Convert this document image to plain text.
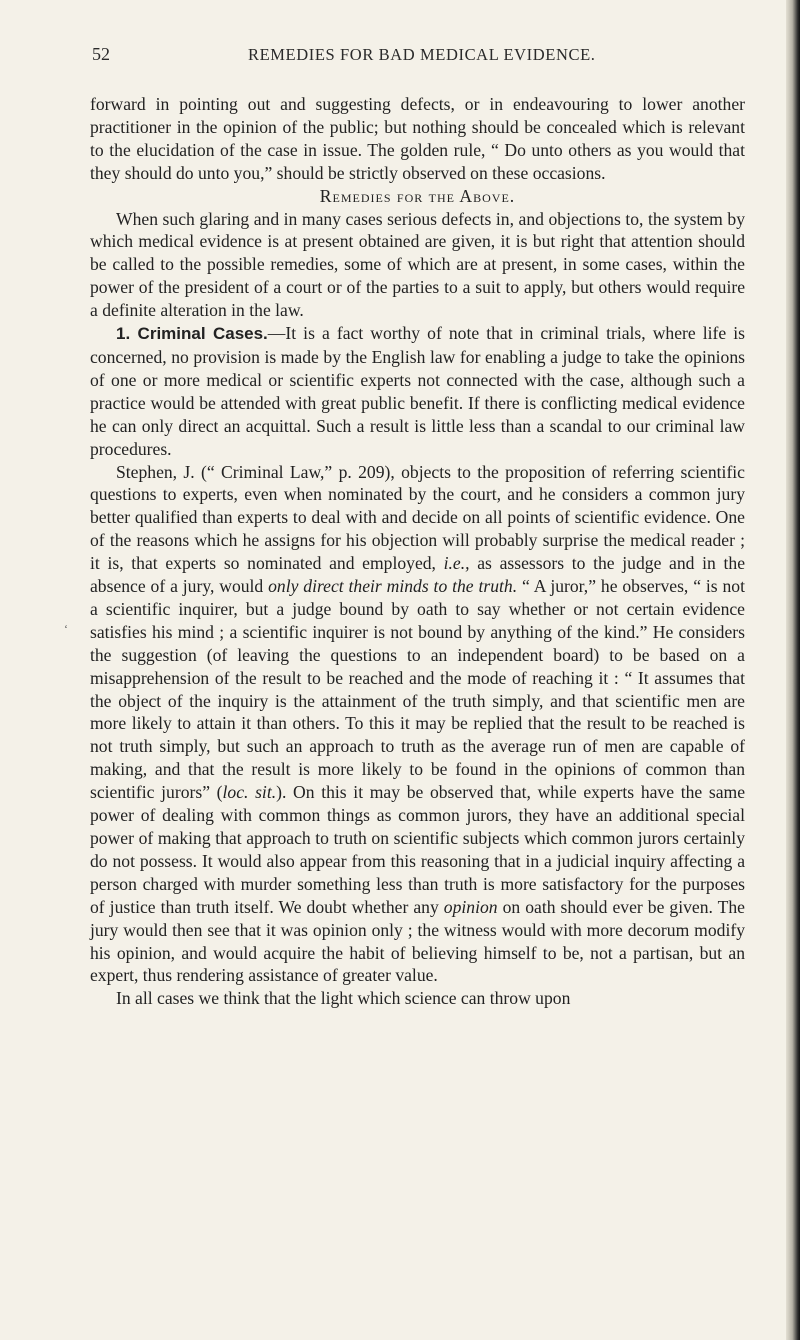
52	REMEDIES FOR BAD MEDICAL EVIDENCE.
‘

forward in pointing out and suggesting defects, or in endeavouring to lower another practitioner in the opinion of the public; but nothing should be concealed which is relevant to the elucidation of the case in issue. The golden rule, “ Do unto others as you would that they should do unto you,” should be strictly observed on these occasions.

Remedies for the Above.

When such glaring and in many cases serious defects in, and objections to, the system by which medical evidence is at present obtained are given, it is but right that attention should be called to the possible remedies, some of which are at present, in some cases, within the power of the president of a court or of the parties to a suit to apply, but others would require a definite alteration in the law.

1. Criminal Cases.—It is a fact worthy of note that in criminal trials, where life is concerned, no provision is made by the English law for enabling a judge to take the opinions of one or more medical or scientific experts not connected with the case, although such a practice would be attended with great public benefit. If there is conflicting medical evidence he can only direct an acquittal. Such a result is little less than a scandal to our criminal law procedures.

Stephen, J. (“ Criminal Law,” p. 209), objects to the proposition of referring scientific questions to experts, even when nominated by the court, and he considers a common jury better qualified than experts to deal with and decide on all points of scientific evidence. One of the reasons which he assigns for his objection will probably surprise the medical reader ; it is, that experts so nominated and employed, i.e., as assessors to the judge and in the absence of a jury, would only direct their minds to the truth. “ A juror,” he observes, “ is not a scientific inquirer, but a judge bound by oath to say whether or not certain evidence satisfies his mind ; a scientific inquirer is not bound by anything of the kind.” He considers the suggestion (of leaving the questions to an independent board) to be based on a misapprehension of the result to be reached and the mode of reaching it : “ It assumes that the object of the inquiry is the attainment of the truth simply, and that scientific men are more likely to attain it than others. To this it may be replied that the result to be reached is not truth simply, but such an approach to truth as the average run of men are capable of making, and that the result is more likely to be found in the opinions of common than scientific jurors” (loc. sit.). On this it may be observed that, while experts have the same power of dealing with common things as common jurors, they have an additional special power of making that approach to truth on scientific subjects which common jurors certainly do not possess. It would also appear from this reasoning that in a judicial inquiry affecting a person charged with murder something less than truth is more satisfactory for the purposes of justice than truth itself. We doubt whether any opinion on oath should ever be given. The jury would then see that it was opinion only ; the witness would with more decorum modify his opinion, and would acquire the habit of believing himself to be, not a partisan, but an expert, thus rendering assistance of greater value.

In all cases we think that the light which science can throw upon
